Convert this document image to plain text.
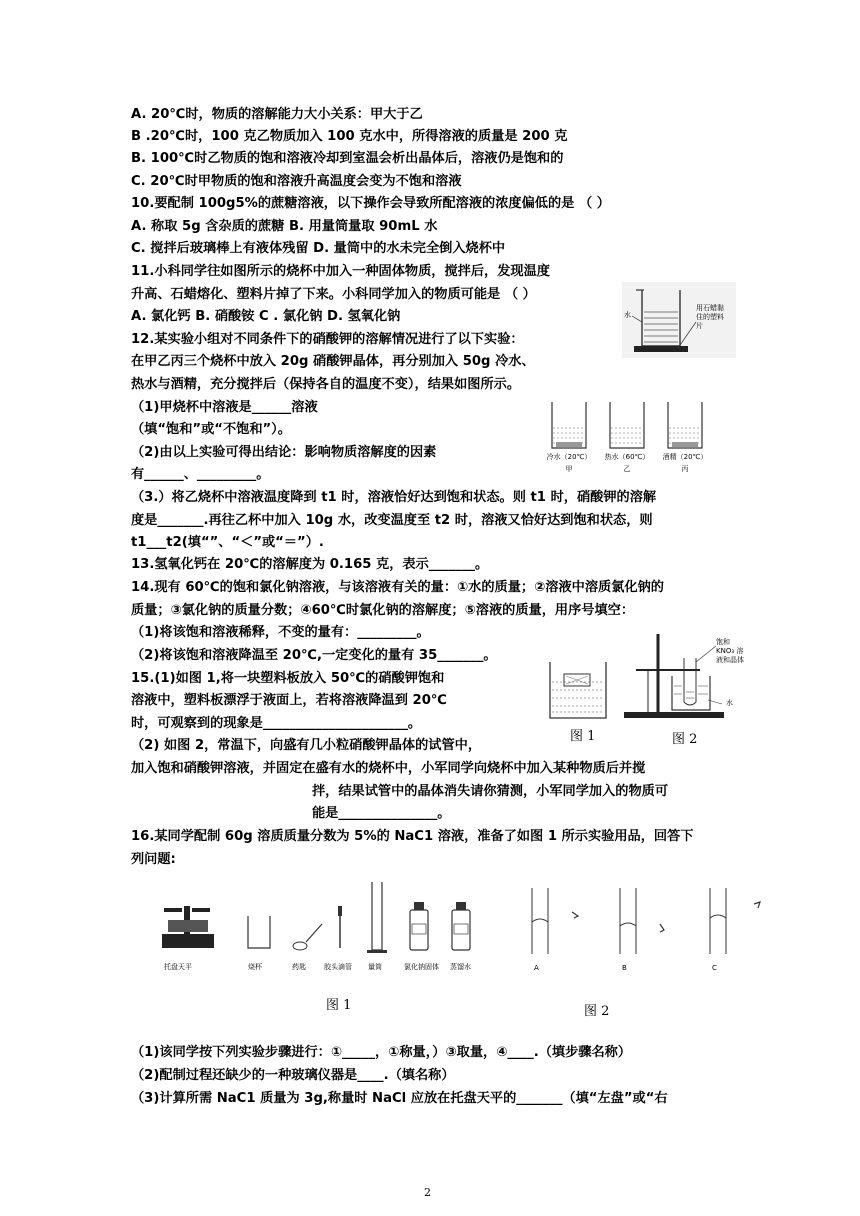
A. 20℃时，物质的溶解能力大小关系：甲大于乙
B .20℃时，100 克乙物质加入 100 克水中，所得溶液的质量是 200 克
B. 100℃时乙物质的饱和溶液冷却到室温会析出晶体后，溶液仍是饱和的
C. 20℃时甲物质的饱和溶液升高温度会变为不饱和溶液
10.要配制 100g5%的蔗糖溶液，以下操作会导致所配溶液的浓度偏低的是 （ ）
A. 称取 5g 含杂质的蔗糖 B. 用量筒量取 90mL 水
C. 搅拌后玻璃棒上有液体残留 D. 量筒中的水未完全倒入烧杯中
11.小科同学往如图所示的烧杯中加入一种固体物质，搅拌后，发现温度
升高、石蜡熔化、塑料片掉了下来。小科同学加入的物质可能是 （ ）
A. 氯化钙 B. 硝酸铵 C . 氯化钠 D. 氢氧化钠
12.某实验小组对不同条件下的硝酸钾的溶解情况进行了以下实验：
在甲乙丙三个烧杯中放入 20g 硝酸钾晶体，再分别加入 50g 冷水、
热水与酒精，充分搅拌后（保持各自的温度不变），结果如图所示。
（1)甲烧杯中溶液是______溶液
（填“饱和”或“不饱和”）。
（2)由以上实验可得出结论：影响物质溶解度的因素
有______、_________。
（3.）将乙烧杯中溶液温度降到 t1 时，溶液恰好达到饱和状态。则 t1 时，硝酸钾的溶解
度是_______.再往乙杯中加入 10g 水，改变温度至 t2 时，溶液又恰好达到饱和状态，则
t1___t2(填“”、“＜”或“＝”）.
13.氢氧化钙在 20℃的溶解度为 0.165 克，表示_______。
14.现有 60℃的饱和氯化钠溶液，与该溶液有关的量：①水的质量；②溶液中溶质氯化钠的
质量；③氯化钠的质量分数；④60℃时氯化钠的溶解度；⑤溶液的质量，用序号填空：
（1)将该饱和溶液稀释，不变的量有：_________。
（2)将该饱和溶液降温至 20℃,一定变化的量有 35_______。
15.(1)如图 1,将一块塑料板放入 50℃的硝酸钾饱和
溶液中，塑料板漂浮于液面上，若将溶液降温到 20℃
时，可观察到的现象是______________________。
（2) 如图 2，常温下，向盛有几小粒硝酸钾晶体的试管中，
加入饱和硝酸钾溶液，并固定在盛有水的烧杯中，小军同学向烧杯中加入某种物质后并搅
拌，结果试管中的晶体消失请你猜测，小军同学加入的物质可
能是_______________。
16.某同学配制 60g 溶质质量分数为 5%的 NaC1 溶液，准备了如图 1 所示实验用品，回答下
列问题:
（1)该同学按下列实验步骤进行：①_____，①称量，）③取量，④____.（填步骤名称）
（2)配制过程还缺少的一种玻璃仪器是____.（填名称）
（3)计算所需 NaC1 质量为 3g,称量时 NaCl 应放在托盘天平的_______（填“左盘”或“右
水
用石蜡黏住的塑料片
冷水（20℃）	热水（60℃）	酒精（20℃）
甲	乙	丙
图 1
饱和 KNO₃ 溶液和晶体
水
图 2
托盘天平	烧杯	药匙	胶头滴管 量筒	氯化钠固体 蒸馏水
图 1
A	B	C
图 2
2
